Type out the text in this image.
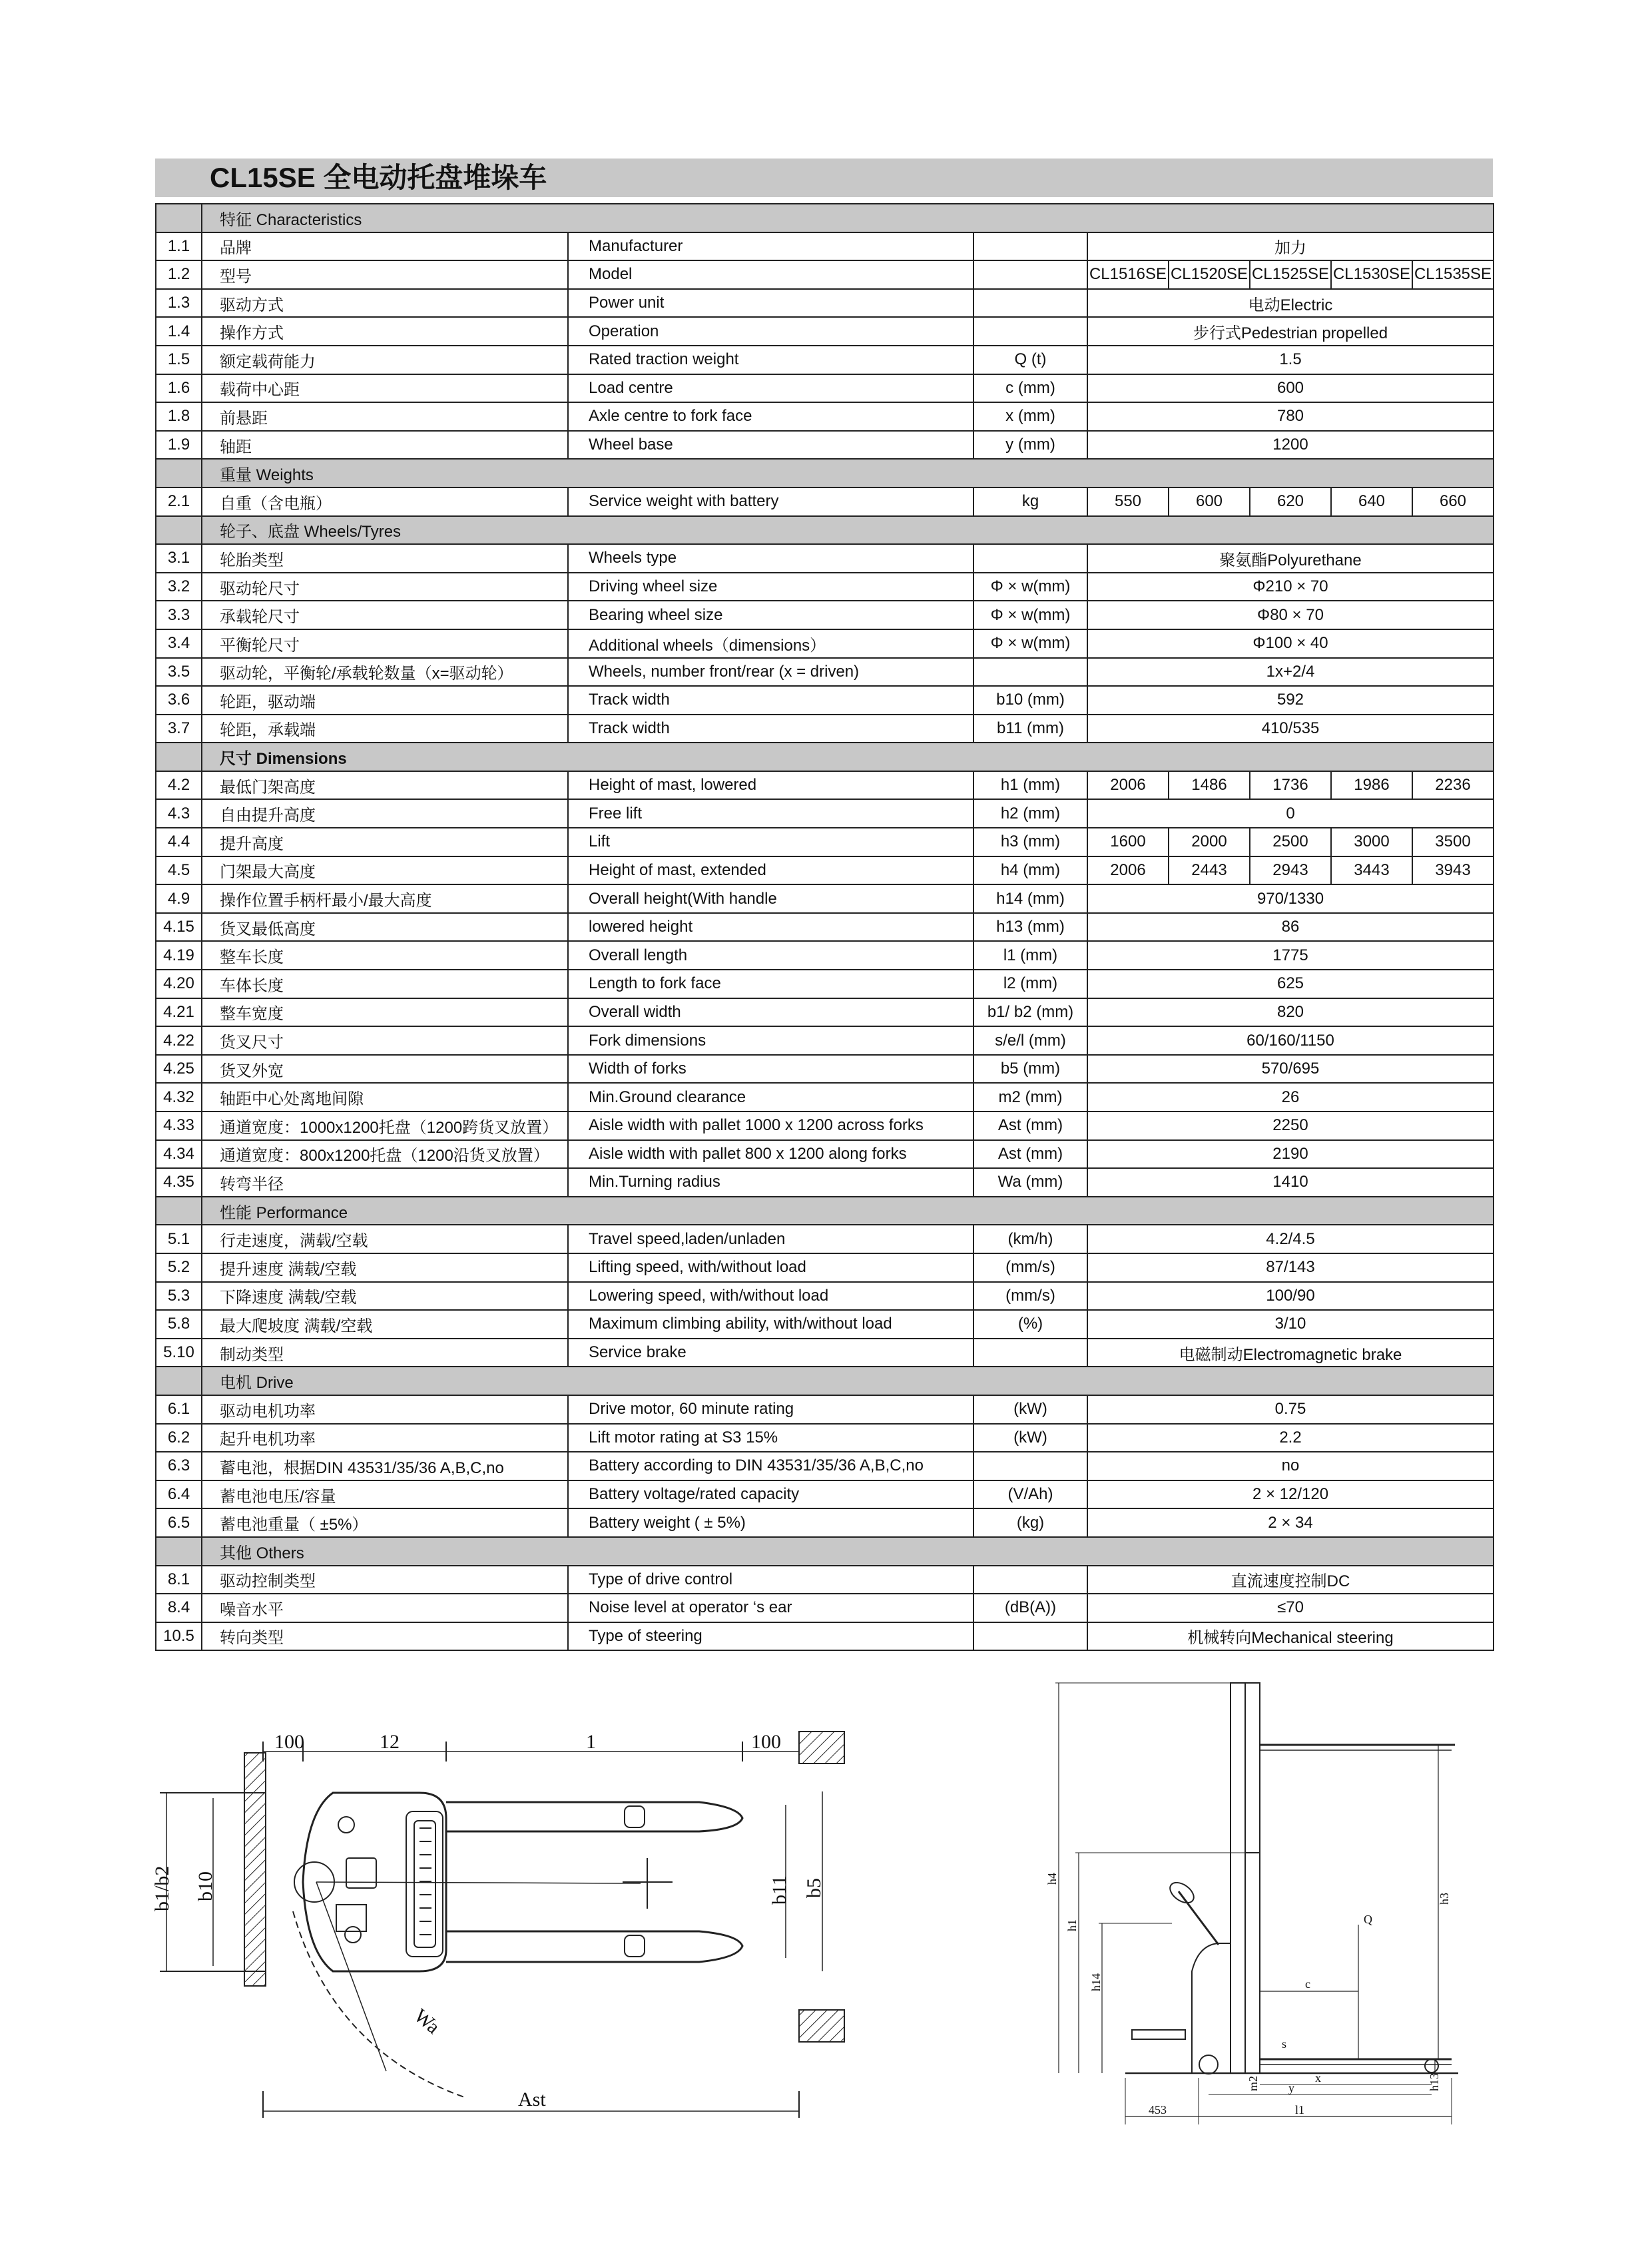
CL15SE 全电动托盘堆垛车
	特征 Characteristics							
1.1	品牌	Manufacturer		加力				
1.2	型号	Model		CL1516SE	CL1520SE	CL1525SE	CL1530SE	CL1535SE
1.3	驱动方式	Power unit		电动Electric				
1.4	操作方式	Operation		步行式Pedestrian propelled				
1.5	额定载荷能力	Rated traction weight	Q (t)	1.5				
1.6	载荷中心距	Load centre	c (mm)	600				
1.8	前悬距	Axle centre to fork face	x (mm)	780				
1.9	轴距	Wheel base	y (mm)	1200				
	重量 Weights							
2.1	自重（含电瓶）	Service weight with battery	kg	550	600	620	640	660
	轮子、底盘 Wheels/Tyres							
3.1	轮胎类型	Wheels type		聚氨酯Polyurethane				
3.2	驱动轮尺寸	Driving wheel size	Φ × w(mm)	Φ210 × 70				
3.3	承载轮尺寸	Bearing wheel size	Φ × w(mm)	Φ80 × 70				
3.4	平衡轮尺寸	Additional wheels（dimensions）	Φ × w(mm)	Φ100 × 40				
3.5	驱动轮，平衡轮/承载轮数量（x=驱动轮）	Wheels, number front/rear (x = driven)		1x+2/4				
3.6	轮距，驱动端	Track width	b10 (mm)	592				
3.7	轮距，承载端	Track width	b11 (mm)	410/535				
	尺寸 Dimensions							
4.2	最低门架高度	Height of mast, lowered	h1 (mm)	2006	1486	1736	1986	2236
4.3	自由提升高度	Free lift	h2 (mm)	0				
4.4	提升高度	Lift	h3 (mm)	1600	2000	2500	3000	3500
4.5	门架最大高度	Height of mast, extended	h4 (mm)	2006	2443	2943	3443	3943
4.9	操作位置手柄杆最小/最大高度	Overall height(With handle	h14 (mm)	970/1330				
4.15	货叉最低高度	lowered height	h13 (mm)	86				
4.19	整车长度	Overall length	l1 (mm)	1775				
4.20	车体长度	Length to fork face	l2 (mm)	625				
4.21	整车宽度	Overall width	b1/ b2 (mm)	820				
4.22	货叉尺寸	Fork dimensions	s/e/l (mm)	60/160/1150				
4.25	货叉外宽	Width of forks	b5 (mm)	570/695				
4.32	轴距中心处离地间隙	Min.Ground clearance	m2 (mm)	26				
4.33	通道宽度：1000x1200托盘（1200跨货叉放置）	Aisle width with pallet 1000 x 1200 across forks	Ast (mm)	2250				
4.34	通道宽度：800x1200托盘（1200沿货叉放置）	Aisle width with pallet 800 x 1200 along forks	Ast (mm)	2190				
4.35	转弯半径	Min.Turning radius	Wa (mm)	1410				
	性能 Performance							
5.1	行走速度，满载/空载	Travel speed,laden/unladen	(km/h)	4.2/4.5				
5.2	提升速度 满载/空载	Lifting speed, with/without load	(mm/s)	87/143				
5.3	下降速度 满载/空载	Lowering speed, with/without load	(mm/s)	100/90				
5.8	最大爬坡度 满载/空载	Maximum climbing ability, with/without load	(%)	3/10				
5.10	制动类型	Service brake		电磁制动Electromagnetic brake				
	电机 Drive							
6.1	驱动电机功率	Drive motor, 60 minute rating	(kW)	0.75				
6.2	起升电机功率	Lift motor rating at S3 15%	(kW)	2.2				
6.3	蓄电池，根据DIN 43531/35/36 A,B,C,no	Battery according to DIN 43531/35/36 A,B,C,no		no				
6.4	蓄电池电压/容量	Battery voltage/rated capacity	(V/Ah)	2 × 12/120				
6.5	蓄电池重量（ ±5%）	Battery weight ( ± 5%)	(kg)	2 × 34				
	其他 Others							
8.1	驱动控制类型	Type of drive control		直流速度控制DC				
8.4	噪音水平	Noise level at operator ‘s ear	(dB(A))	≤70				
10.5	转向类型	Type of steering		机械转向Mechanical steering				
100	12	1	100
b1/b2 b10	b11 b5
Ast
Wa
h4
h1
h14
h3
h13
Q
c
s
m2	x
y
453	l1
